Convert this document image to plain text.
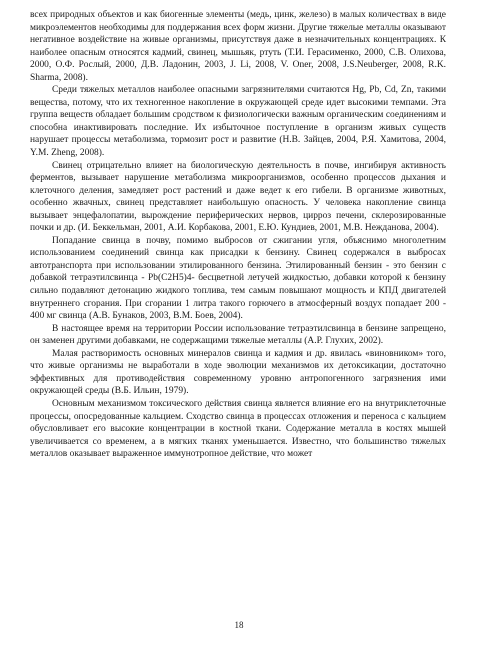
всех природных объектов и как биогенные элементы (медь, цинк, железо) в малых количествах в виде микроэлементов необходимы для поддержания всех форм жизни. Другие тяжелые металлы оказывают негативное воздействие на живые организмы, присутствуя даже в незначительных концентрациях. К наиболее опасным относятся кадмий, свинец, мышьяк, ртуть (Т.И. Герасименко, 2000, С.В. Олихова, 2000, О.Ф. Рослый, 2000, Д.В. Ладонин, 2003, J. Li, 2008, V. Oner, 2008, J.S.Neuberger, 2008, R.K. Sharma, 2008).

Среди тяжелых металлов наиболее опасными загрязнителями считаются Hg, Pb, Cd, Zn, такими вещества, потому, что их техногенное накопление в окружающей среде идет высокими темпами. Эта группа веществ обладает большим сродством к физиологически важным органическим соединениям и способна инактивировать последние. Их избыточное поступление в организм живых существ нарушает процессы метаболизма, тормозит рост и развитие (Н.В. Зайцев, 2004, Р.Я. Хамитова, 2004, Y.M. Zheng, 2008).

Свинец отрицательно влияет на биологическую деятельность в почве, ингибируя активность ферментов, вызывает нарушение метаболизма микроорганизмов, особенно процессов дыхания и клеточного деления, замедляет рост растений и даже ведет к его гибели. В организме животных, особенно жвачных, свинец представляет наибольшую опасность. У человека накопление свинца вызывает энцефалопатии, вырождение периферических нервов, цирроз печени, склерозированные почки и др. (И. Беккельман, 2001, А.И. Корбакова, 2001, Е.Ю. Кундиев, 2001, М.В. Нежданова, 2004).

Попадание свинца в почву, помимо выбросов от сжигании угля, объяснимо многолетним использованием соединений свинца как присадки к бензину. Свинец содержался в выбросах автотранспорта при использовании этилированного бензина. Этилированный бензин - это бензин с добавкой тетраэтилсвинца - Pb(C2H5)4- бесцветной летучей жидкостью, добавки которой к бензину сильно подавляют детонацию жидкого топлива, тем самым повышают мощность и КПД двигателей внутреннего сгорания. При сгорании 1 литра такого горючего в атмосферный воздух попадает 200 - 400 мг свинца (А.В. Бунаков, 2003, В.М. Боев, 2004).

В настоящее время на территории России использование тетраэтилсвинца в бензине запрещено, он заменен другими добавками, не содержащими тяжелые металлы (А.Р. Глухих, 2002).

Малая растворимость основных минералов свинца и кадмия и др. явилась «виновником» того, что живые организмы не выработали в ходе эволюции механизмов их детоксикации, достаточно эффективных для противодействия современному уровню антропогенного загрязнения ими окружающей среды (В.Б. Ильин, 1979).

Основным механизмом токсического действия свинца является влияние его на внутриклеточные процессы, опосредованные кальцием. Сходство свинца в процессах отложения и переноса с кальцием обусловливает его высокие концентрации в костной ткани. Содержание металла в костях мышей увеличивается со временем, а в мягких тканях уменьшается. Известно, что большинство тяжелых металлов оказывает выраженное иммунотропное действие, что может

18
